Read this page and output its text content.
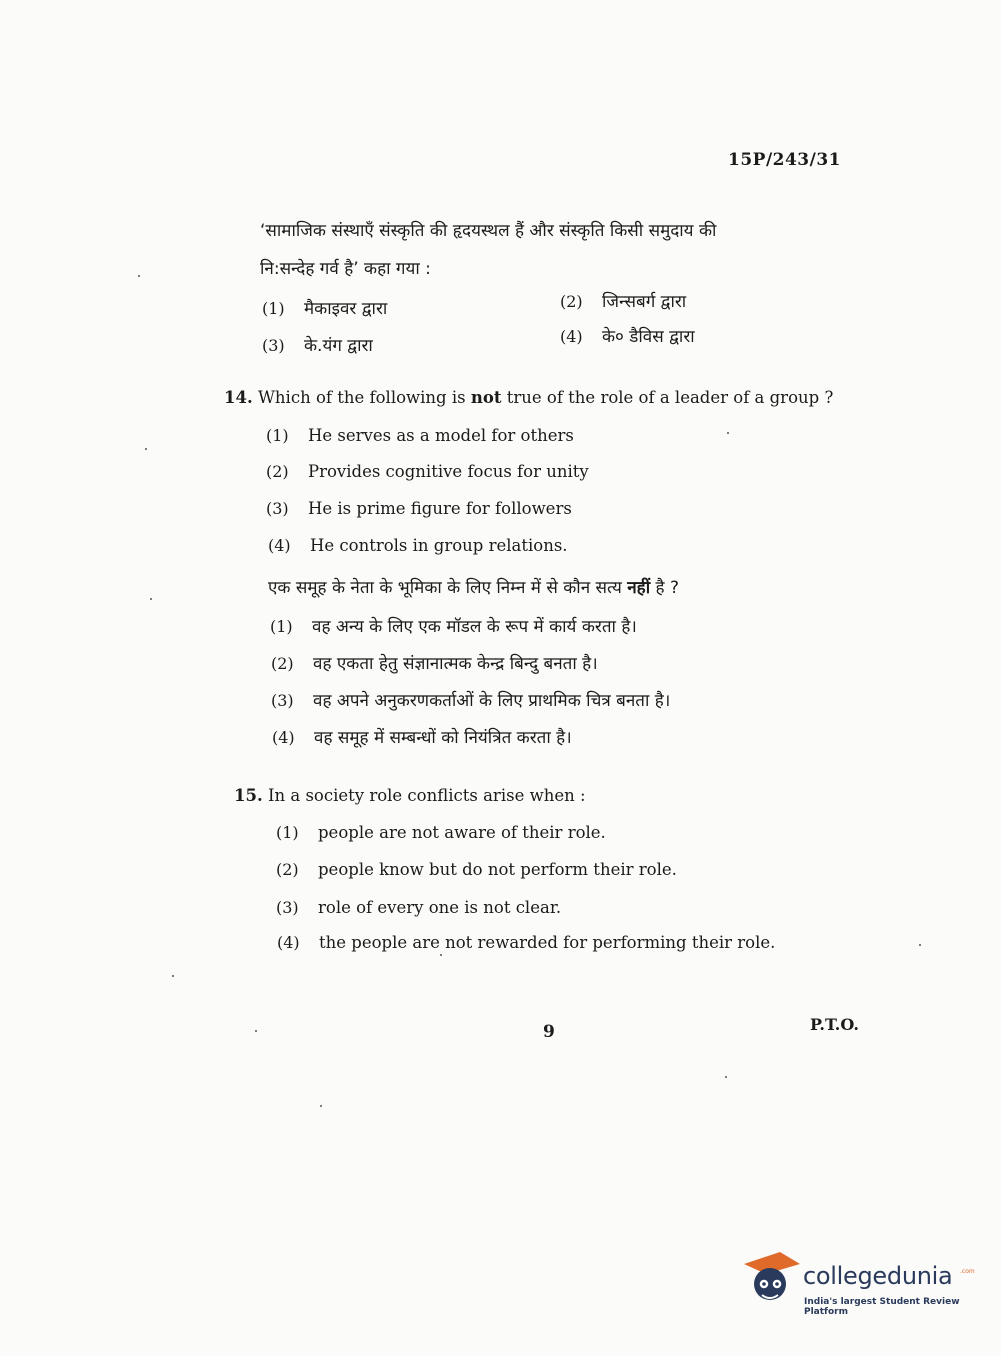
15P/243/31
‘सामाजिक संस्थाएँ संस्कृति की हृदयस्थल हैं और संस्कृति किसी समुदाय की
नि:सन्देह गर्व है’ कहा गया :
(1) मैकाइवर द्वारा	(2) जिन्सबर्ग द्वारा
(3) के.यंग द्वारा	(4) के० डैविस द्वारा
14. Which of the following is not true of the role of a leader of a group ?
(1) He serves as a model for others
(2) Provides cognitive focus for unity
(3) He is prime figure for followers
(4) He controls in group relations.
एक समूह के नेता के भूमिका के लिए निम्न में से कौन सत्य नहीं है ?
(1) वह अन्य के लिए एक मॉडल के रूप में कार्य करता है।
(2) वह एकता हेतु संज्ञानात्मक केन्द्र बिन्दु बनता है।
(3) वह अपने अनुकरणकर्ताओं के लिए प्राथमिक चित्र बनता है।
(4) वह समूह में सम्बन्धों को नियंत्रित करता है।
15. In a society role conflicts arise when :
(1) people are not aware of their role.
(2) people know but do not perform their role.
(3) role of every one is not clear.
(4) the people are not rewarded for performing their role.
9	P.T.O.
collegedunia .com
India's largest Student Review Platform
